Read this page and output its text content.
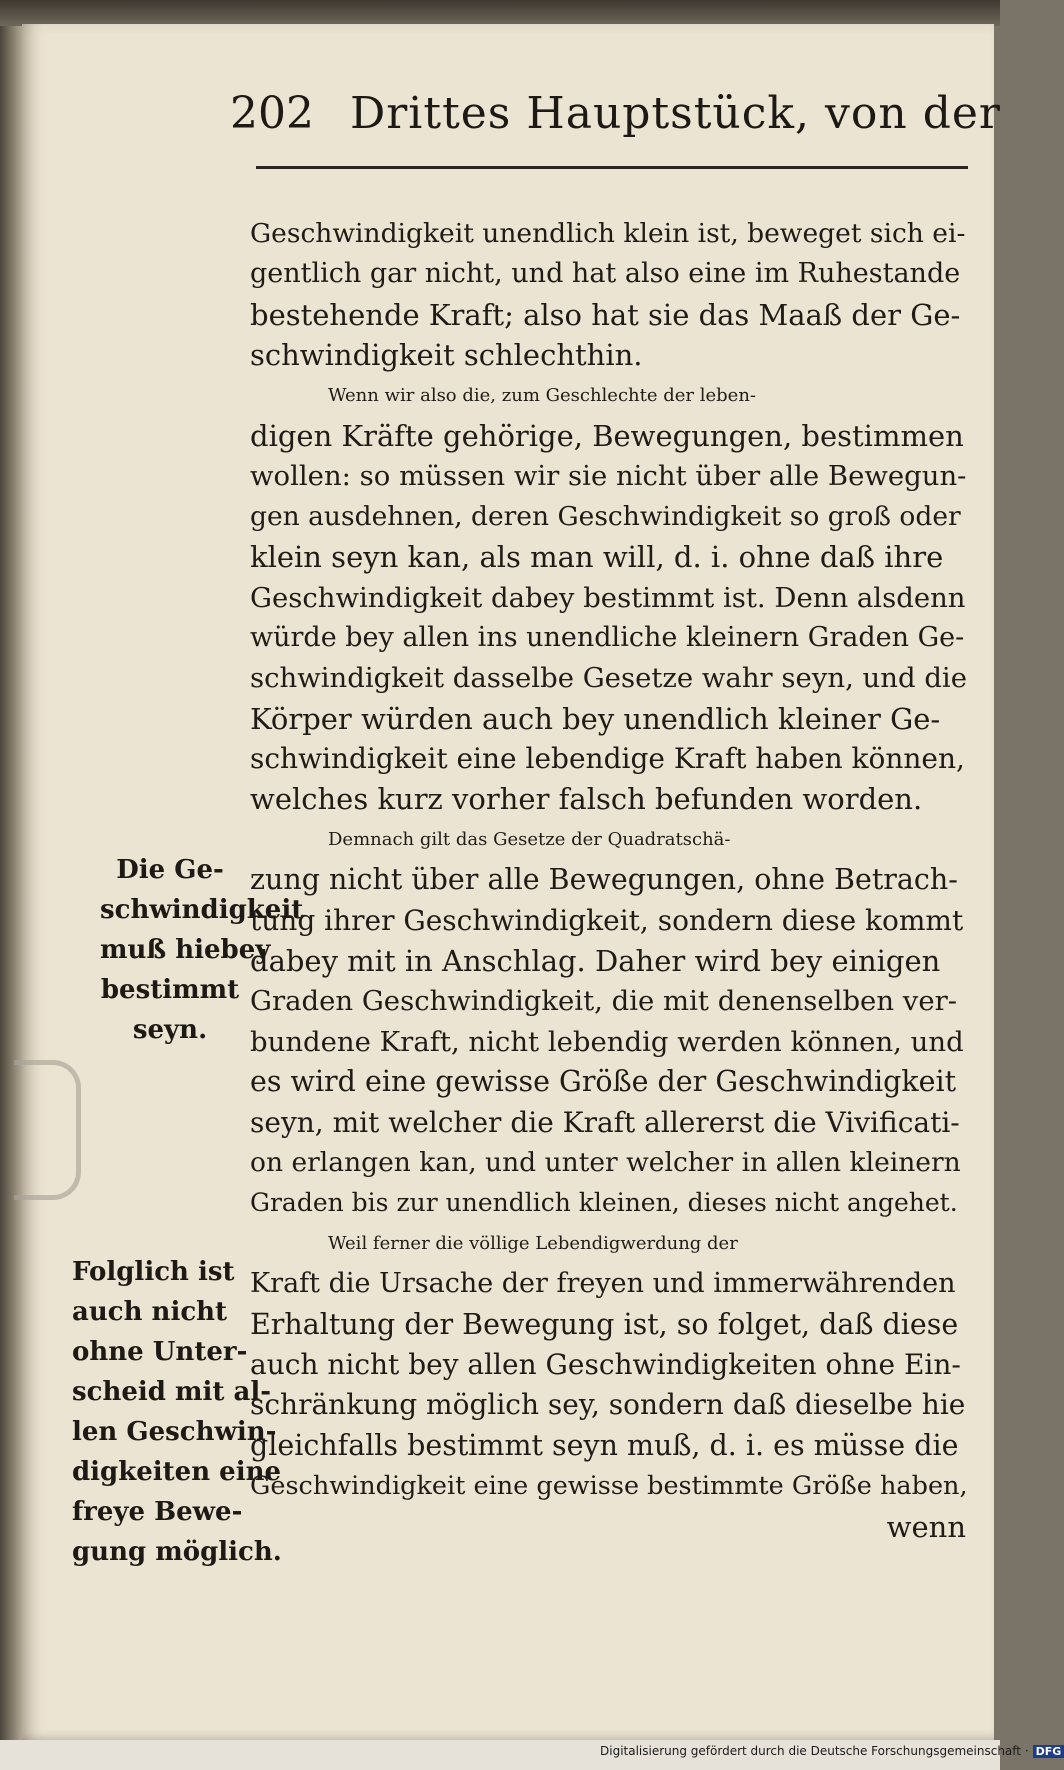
202 Drittes Hauptstück, von der
Geschwindigkeit unendlich klein ist, beweget sich ei-
gentlich gar nicht, und hat also eine im Ruhestande
bestehende Kraft; also hat sie das Maaß der Ge-
schwindigkeit schlechthin.
Wenn wir also die, zum Geschlechte der leben-
digen Kräfte gehörige, Bewegungen, bestimmen
wollen: so müssen wir sie nicht über alle Bewegun-
gen ausdehnen, deren Geschwindigkeit so groß oder
klein seyn kan, als man will, d. i. ohne daß ihre
Geschwindigkeit dabey bestimmt ist. Denn alsdenn
würde bey allen ins unendliche kleinern Graden Ge-
schwindigkeit dasselbe Gesetze wahr seyn, und die
Körper würden auch bey unendlich kleiner Ge-
schwindigkeit eine lebendige Kraft haben können,
welches kurz vorher falsch befunden worden.
Demnach gilt das Gesetze der Quadratschä-
zung nicht über alle Bewegungen, ohne Betrach-
tung ihrer Geschwindigkeit, sondern diese kommt
dabey mit in Anschlag. Daher wird bey einigen
Graden Geschwindigkeit, die mit denenselben ver-
bundene Kraft, nicht lebendig werden können, und
es wird eine gewisse Größe der Geschwindigkeit
seyn, mit welcher die Kraft allererst die Vivificati-
on erlangen kan, und unter welcher in allen kleinern
Graden bis zur unendlich kleinen, dieses nicht angehet.
Weil ferner die völlige Lebendigwerdung der
Kraft die Ursache der freyen und immerwährenden
Erhaltung der Bewegung ist, so folget, daß diese
auch nicht bey allen Geschwindigkeiten ohne Ein-
schränkung möglich sey, sondern daß dieselbe hie
gleichfalls bestimmt seyn muß, d. i. es müsse die
Geschwindigkeit eine gewisse bestimmte Größe haben,
wenn
Die Ge-
schwindigkeit
muß hiebey
bestimmt
seyn.
Folglich ist
auch nicht
ohne Unter-
scheid mit al-
len Geschwin-
digkeiten eine
freye Bewe-
gung möglich.
Digitalisierung gefördert durch die Deutsche Forschungsgemeinschaft · DFG
